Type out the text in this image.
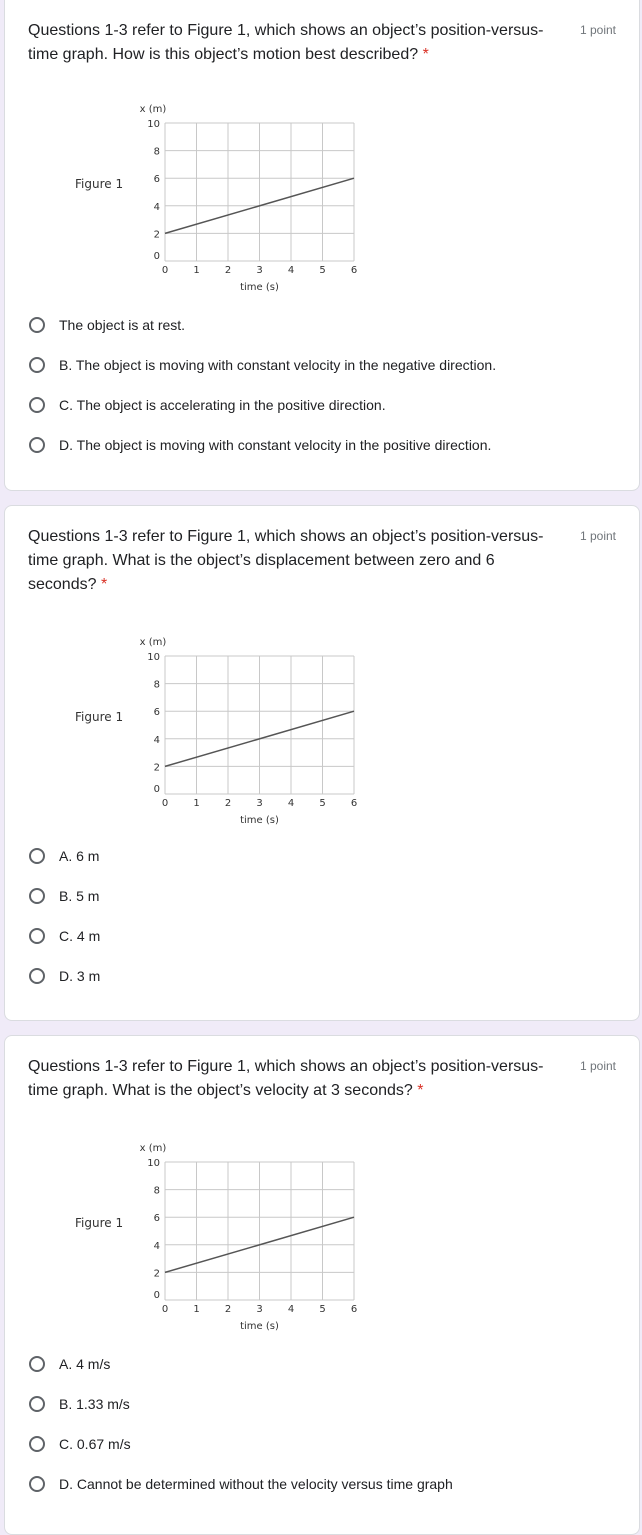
Questions 1-3 refer to Figure 1, which shows an object’s position-versus-time graph. How is this object’s motion best described? *
1 point
Figure 1
0	1	2	3	4	5	6
0
2
4
6
8
10
time (s)
x (m)
The object is at rest.
B. The object is moving with constant velocity in the negative direction.
C. The object is accelerating in the positive direction.
D. The object is moving with constant velocity in the positive direction.
Questions 1-3 refer to Figure 1, which shows an object’s position-versus-time graph. What is the object’s displacement between zero and 6 seconds? *
1 point
Figure 1
0	1	2	3	4	5	6
0
2
4
6
8
10
time (s)
x (m)
A. 6 m
B. 5 m
C. 4 m
D. 3 m
Questions 1-3 refer to Figure 1, which shows an object’s position-versus-time graph. What is the object’s velocity at 3 seconds? *
1 point
Figure 1
0	1	2	3	4	5	6
0
2
4
6
8
10
time (s)
x (m)
A. 4 m/s
B. 1.33 m/s
C. 0.67 m/s
D. Cannot be determined without the velocity versus time graph
